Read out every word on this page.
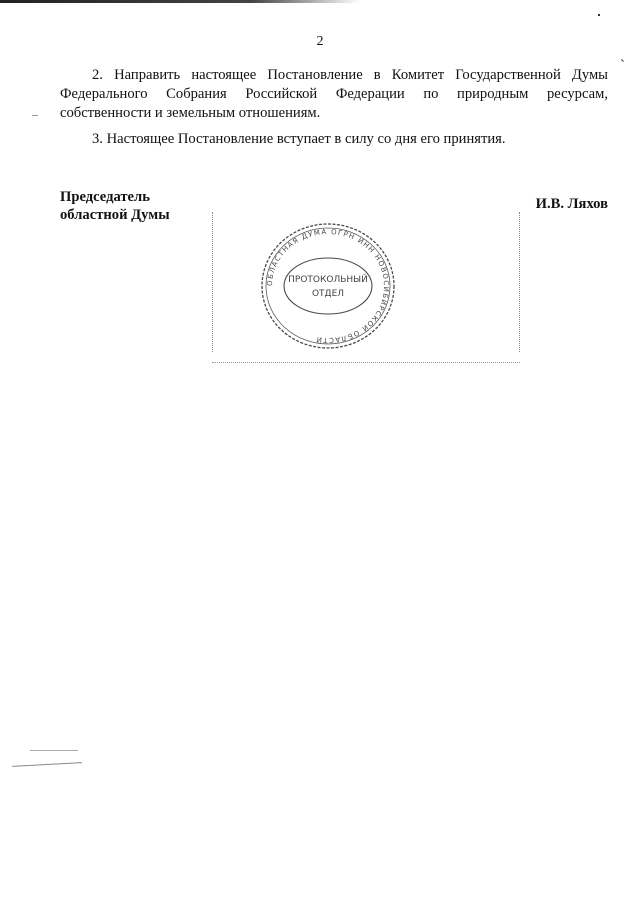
2
2. Направить настоящее Постановление в Комитет Государственной Думы Федерального Собрания Российской Федерации по природным ресурсам, собственности и земельным отношениям.
3. Настоящее Постановление вступает в силу со дня его принятия.
Председатель
областной Думы
И.В. Ляхов
ОБЛАСТНАЯ ДУМА ОГРН ИНН НОВОСИБИРСКОЙ ОБЛАСТИ
ПРОТОКОЛЬНЫЙ
ОТДЕЛ
